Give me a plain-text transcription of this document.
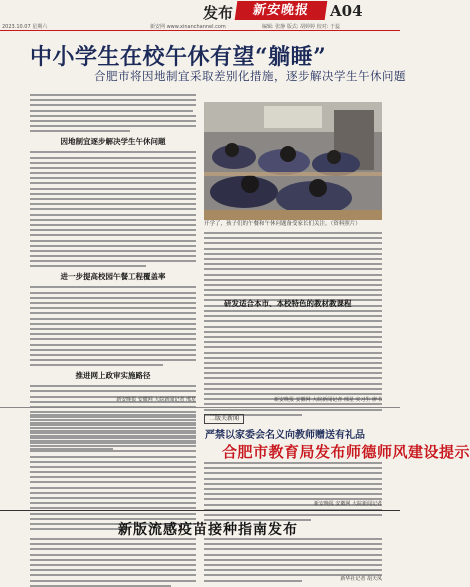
发布	新安晚报	A04
2023.10.07 星期六	新安网 www.xinanchannel.com	编辑: 张静 版式: 胡婷婷 校对: 于蕊
中小学生在校午休有望“躺睡”
合肥市将因地制宜采取差别化措施，逐步解决学生午休问题
因地制宜逐步解决学生午休问题
进一步提高校园午餐工程覆盖率
推进网上政审实施路径
开学了，孩子们的午餐和午休问题备受家长们关注。（资料照片）
研发适合本市、本校特色的教材教课程
新安晚报 安徽网 大皖新闻记者 邢星 实习生 廖书
新安晚报 安徽网 大皖新闻记者 邢星
二版关新闻
严禁以家委会名义向教师赠送有礼品
合肥市教育局发布师德师风建设提示
新安晚报 安徽网 大皖新闻记者
新版流感疫苗接种指南发布
新华社记者 胡天凤
